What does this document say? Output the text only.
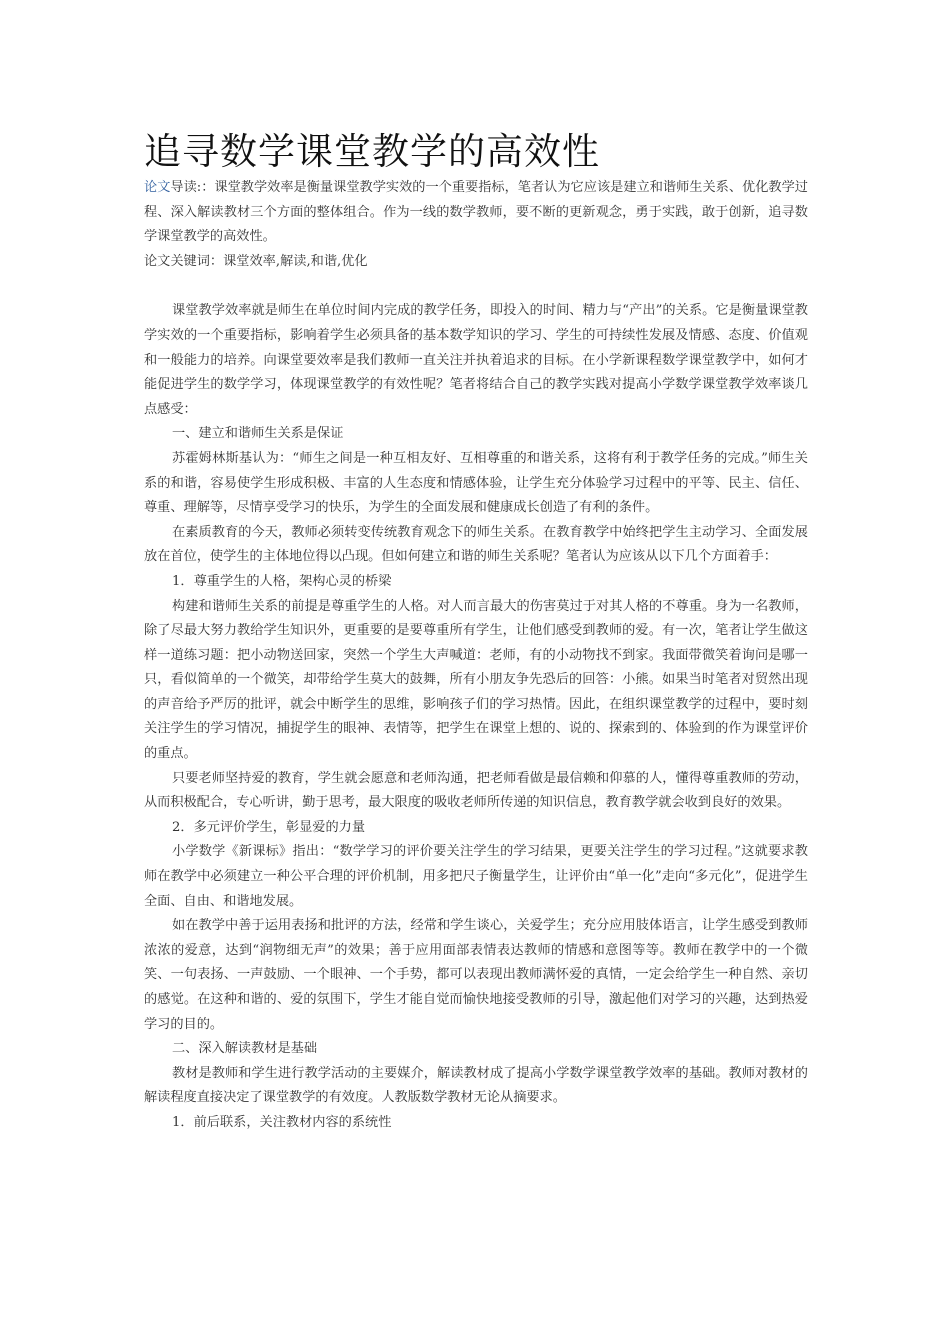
追寻数学课堂教学的高效性

论文导读:：课堂教学效率是衡量课堂教学实效的一个重要指标，笔者认为它应该是建立和谐师生关系、优化教学过程、深入解读教材三个方面的整体组合。作为一线的数学教师，要不断的更新观念，勇于实践，敢于创新，追寻数学课堂教学的高效性。

论文关键词：课堂效率,解读,和谐,优化

课堂教学效率就是师生在单位时间内完成的教学任务，即投入的时间、精力与“产出”的关系。它是衡量课堂教学实效的一个重要指标，影响着学生必须具备的基本数学知识的学习、学生的可持续性发展及情感、态度、价值观和一般能力的培养。向课堂要效率是我们教师一直关注并执着追求的目标。在小学新课程数学课堂教学中，如何才能促进学生的数学学习，体现课堂教学的有效性呢？笔者将结合自己的教学实践对提高小学数学课堂教学效率谈几点感受：

一、建立和谐师生关系是保证

苏霍姆林斯基认为：“师生之间是一种互相友好、互相尊重的和谐关系，这将有利于教学任务的完成。”师生关系的和谐，容易使学生形成积极、丰富的人生态度和情感体验，让学生充分体验学习过程中的平等、民主、信任、尊重、理解等，尽情享受学习的快乐，为学生的全面发展和健康成长创造了有利的条件。

在素质教育的今天，教师必须转变传统教育观念下的师生关系。在教育教学中始终把学生主动学习、全面发展放在首位，使学生的主体地位得以凸现。但如何建立和谐的师生关系呢？笔者认为应该从以下几个方面着手：

1．尊重学生的人格，架构心灵的桥梁

构建和谐师生关系的前提是尊重学生的人格。对人而言最大的伤害莫过于对其人格的不尊重。身为一名教师，除了尽最大努力教给学生知识外，更重要的是要尊重所有学生，让他们感受到教师的爱。有一次，笔者让学生做这样一道练习题：把小动物送回家，突然一个学生大声喊道：老师，有的小动物找不到家。我面带微笑着询问是哪一只，看似简单的一个微笑，却带给学生莫大的鼓舞，所有小朋友争先恐后的回答：小熊。如果当时笔者对贸然出现的声音给予严厉的批评，就会中断学生的思维，影响孩子们的学习热情。因此，在组织课堂教学的过程中，要时刻关注学生的学习情况，捕捉学生的眼神、表情等，把学生在课堂上想的、说的、探索到的、体验到的作为课堂评价的重点。

只要老师坚持爱的教育，学生就会愿意和老师沟通，把老师看做是最信赖和仰慕的人，懂得尊重教师的劳动，从而积极配合，专心听讲，勤于思考，最大限度的吸收老师所传递的知识信息，教育教学就会收到良好的效果。

2．多元评价学生，彰显爱的力量

小学数学《新课标》指出：“数学学习的评价要关注学生的学习结果，更要关注学生的学习过程。”这就要求教师在教学中必须建立一种公平合理的评价机制，用多把尺子衡量学生，让评价由“单一化”走向“多元化”，促进学生全面、自由、和谐地发展。

如在教学中善于运用表扬和批评的方法，经常和学生谈心，关爱学生；充分应用肢体语言，让学生感受到教师浓浓的爱意，达到“润物细无声”的效果；善于应用面部表情表达教师的情感和意图等等。教师在教学中的一个微笑、一句表扬、一声鼓励、一个眼神、一个手势，都可以表现出教师满怀爱的真情，一定会给学生一种自然、亲切的感觉。在这种和谐的、爱的氛围下，学生才能自觉而愉快地接受教师的引导，激起他们对学习的兴趣，达到热爱学习的目的。

二、深入解读教材是基础

教材是教师和学生进行教学活动的主要媒介，解读教材成了提高小学数学课堂教学效率的基础。教师对教材的解读程度直接决定了课堂教学的有效度。人教版数学教材无论从摘要求。

1．前后联系，关注教材内容的系统性
